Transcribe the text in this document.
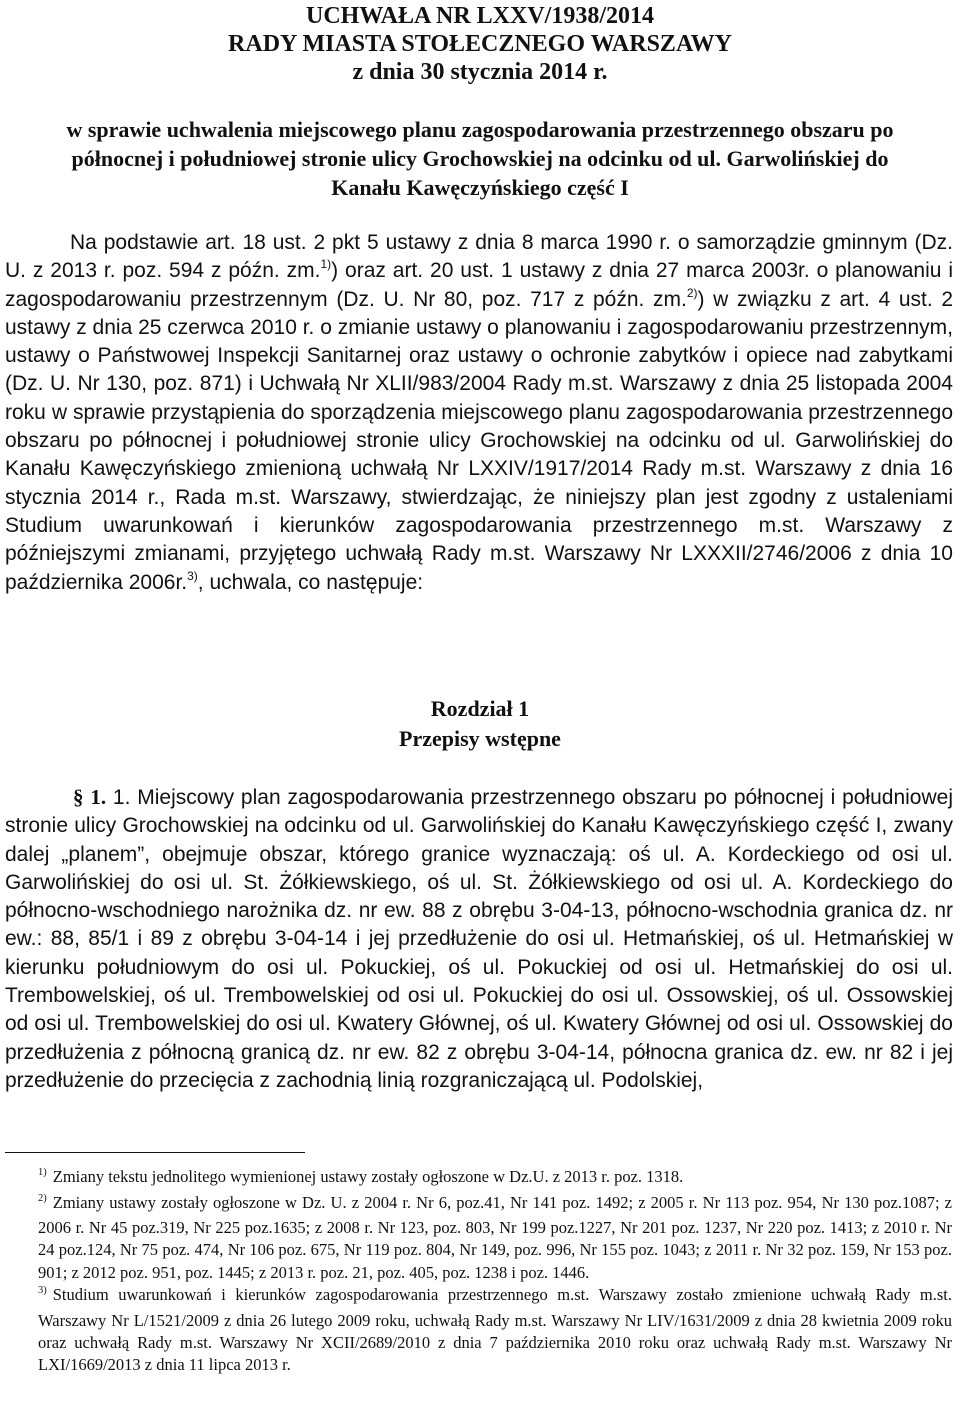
UCHWAŁA NR LXXV/1938/2014
RADY MIASTA STOŁECZNEGO WARSZAWY
z dnia 30 stycznia 2014 r.
w sprawie uchwalenia miejscowego planu zagospodarowania przestrzennego obszaru po
północnej i południowej stronie ulicy Grochowskiej na odcinku od ul. Garwolińskiej do
Kanału Kawęczyńskiego część I

Na podstawie art. 18 ust. 2 pkt 5 ustawy z dnia 8 marca 1990 r. o samorządzie gminnym (Dz. U. z 2013 r. poz. 594 z późn. zm.$^{1)}$) oraz art. 20 ust. 1 ustawy z dnia 27 marca 2003r. o planowaniu i zagospodarowaniu przestrzennym (Dz. U. Nr 80, poz. 717 z późn. zm.$^{2)}$) w związku z art. 4 ust. 2 ustawy z dnia 25 czerwca 2010 r. o zmianie ustawy o planowaniu i zagospodarowaniu przestrzennym, ustawy o Państwowej Inspekcji Sanitarnej oraz ustawy o ochronie zabytków i opiece nad zabytkami (Dz. U. Nr 130, poz. 871) i Uchwałą Nr XLII/983/2004 Rady m.st. Warszawy z dnia 25 listopada 2004 roku w sprawie przystąpienia do sporządzenia miejscowego planu zagospodarowania przestrzennego obszaru po północnej i południowej stronie ulicy Grochowskiej na odcinku od ul. Garwolińskiej do Kanału Kawęczyńskiego zmienioną uchwałą Nr LXXIV/1917/2014 Rady m.st. Warszawy z dnia 16 stycznia 2014 r., Rada m.st. Warszawy, stwierdzając, że niniejszy plan jest zgodny z ustaleniami Studium uwarunkowań i kierunków zagospodarowania przestrzennego m.st. Warszawy z późniejszymi zmianami, przyjętego uchwałą Rady m.st. Warszawy Nr LXXXII/2746/2006 z dnia 10 października 2006r.$^{3)}$, uchwala, co następuje:

Rozdział 1
Przepisy wstępne

§ 1. 1. Miejscowy plan zagospodarowania przestrzennego obszaru po północnej i południowej stronie ulicy Grochowskiej na odcinku od ul. Garwolińskiej do Kanału Kawęczyńskiego część I, zwany dalej „planem”, obejmuje obszar, którego granice wyznaczają: oś ul. A. Kordeckiego od osi ul. Garwolińskiej do osi ul. St. Żółkiewskiego, oś ul. St. Żółkiewskiego od osi ul. A. Kordeckiego do północno-wschodniego narożnika dz. nr ew. 88 z obrębu 3-04-13, północno-wschodnia granica dz. nr ew.: 88, 85/1 i 89 z obrębu 3-04-14 i jej przedłużenie do osi ul. Hetmańskiej, oś ul. Hetmańskiej w kierunku południowym do osi ul. Pokuckiej, oś ul. Pokuckiej od osi ul. Hetmańskiej do osi ul. Trembowelskiej, oś ul. Trembowelskiej od osi ul. Pokuckiej do osi ul. Ossowskiej, oś ul. Ossowskiej od osi ul. Trembowelskiej do osi ul. Kwatery Głównej, oś ul. Kwatery Głównej od osi ul. Ossowskiej do przedłużenia z północną granicą dz. nr ew. 82 z obrębu 3-04-14, północna granica dz. ew. nr 82 i jej przedłużenie do przecięcia z zachodnią linią rozgraniczającą ul. Podolskiej,

$^{1)}$ Zmiany tekstu jednolitego wymienionej ustawy zostały ogłoszone w Dz.U. z 2013 r. poz. 1318.

$^{2)}$ Zmiany ustawy zostały ogłoszone w Dz. U. z 2004 r. Nr 6, poz.41, Nr 141 poz. 1492; z 2005 r. Nr 113 poz. 954, Nr 130 poz.1087; z 2006 r. Nr 45 poz.319, Nr 225 poz.1635; z 2008 r. Nr 123, poz. 803, Nr 199 poz.1227, Nr 201 poz. 1237, Nr 220 poz. 1413; z 2010 r. Nr 24 poz.124, Nr 75 poz. 474, Nr 106 poz. 675, Nr 119 poz. 804, Nr 149, poz. 996, Nr 155 poz. 1043; z 2011 r. Nr 32 poz. 159, Nr 153 poz. 901; z 2012 poz. 951, poz. 1445; z 2013 r. poz. 21, poz. 405, poz. 1238 i poz. 1446.

$^{3)}$ Studium uwarunkowań i kierunków zagospodarowania przestrzennego m.st. Warszawy zostało zmienione uchwałą Rady m.st. Warszawy Nr L/1521/2009 z dnia 26 lutego 2009 roku, uchwałą Rady m.st. Warszawy Nr LIV/1631/2009 z dnia 28 kwietnia 2009 roku oraz uchwałą Rady m.st. Warszawy Nr XCII/2689/2010 z dnia 7 października 2010 roku oraz uchwałą Rady m.st. Warszawy Nr LXI/1669/2013 z dnia 11 lipca 2013 r.
